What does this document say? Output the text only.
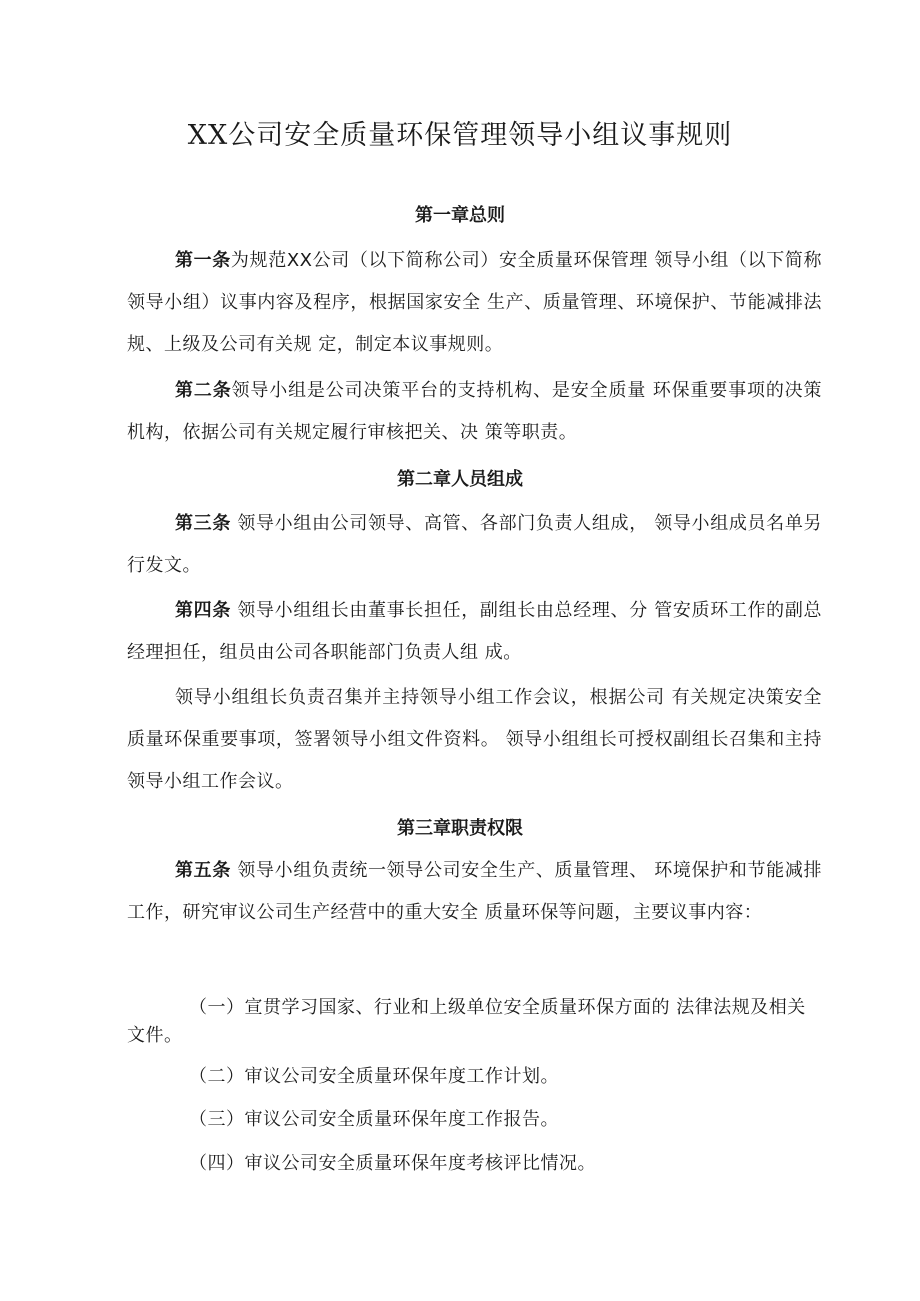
XX公司安全质量环保管理领导小组议事规则
第一章总则

第一条为规范XX公司（以下简称公司）安全质量环保管理 领导小组（以下简称领导小组）议事内容及程序，根据国家安全 生产、质量管理、环境保护、节能减排法规、上级及公司有关规 定，制定本议事规则。

第二条领导小组是公司决策平台的支持机构、是安全质量 环保重要事项的决策机构，依据公司有关规定履行审核把关、决 策等职责。

第二章人员组成

第三条 领导小组由公司领导、高管、各部门负责人组成， 领导小组成员名单另行发文。

第四条 领导小组组长由董事长担任，副组长由总经理、分 管安质环工作的副总经理担任，组员由公司各职能部门负责人组 成。

领导小组组长负责召集并主持领导小组工作会议，根据公司 有关规定决策安全质量环保重要事项，签署领导小组文件资料。 领导小组组长可授权副组长召集和主持领导小组工作会议。

第三章职责权限

第五条 领导小组负责统一领导公司安全生产、质量管理、 环境保护和节能减排工作，研究审议公司生产经营中的重大安全 质量环保等问题，主要议事内容：

（一）宣贯学习国家、行业和上级单位安全质量环保方面的 法律法规及相关文件。

（二）审议公司安全质量环保年度工作计划。

（三）审议公司安全质量环保年度工作报告。

（四）审议公司安全质量环保年度考核评比情况。
